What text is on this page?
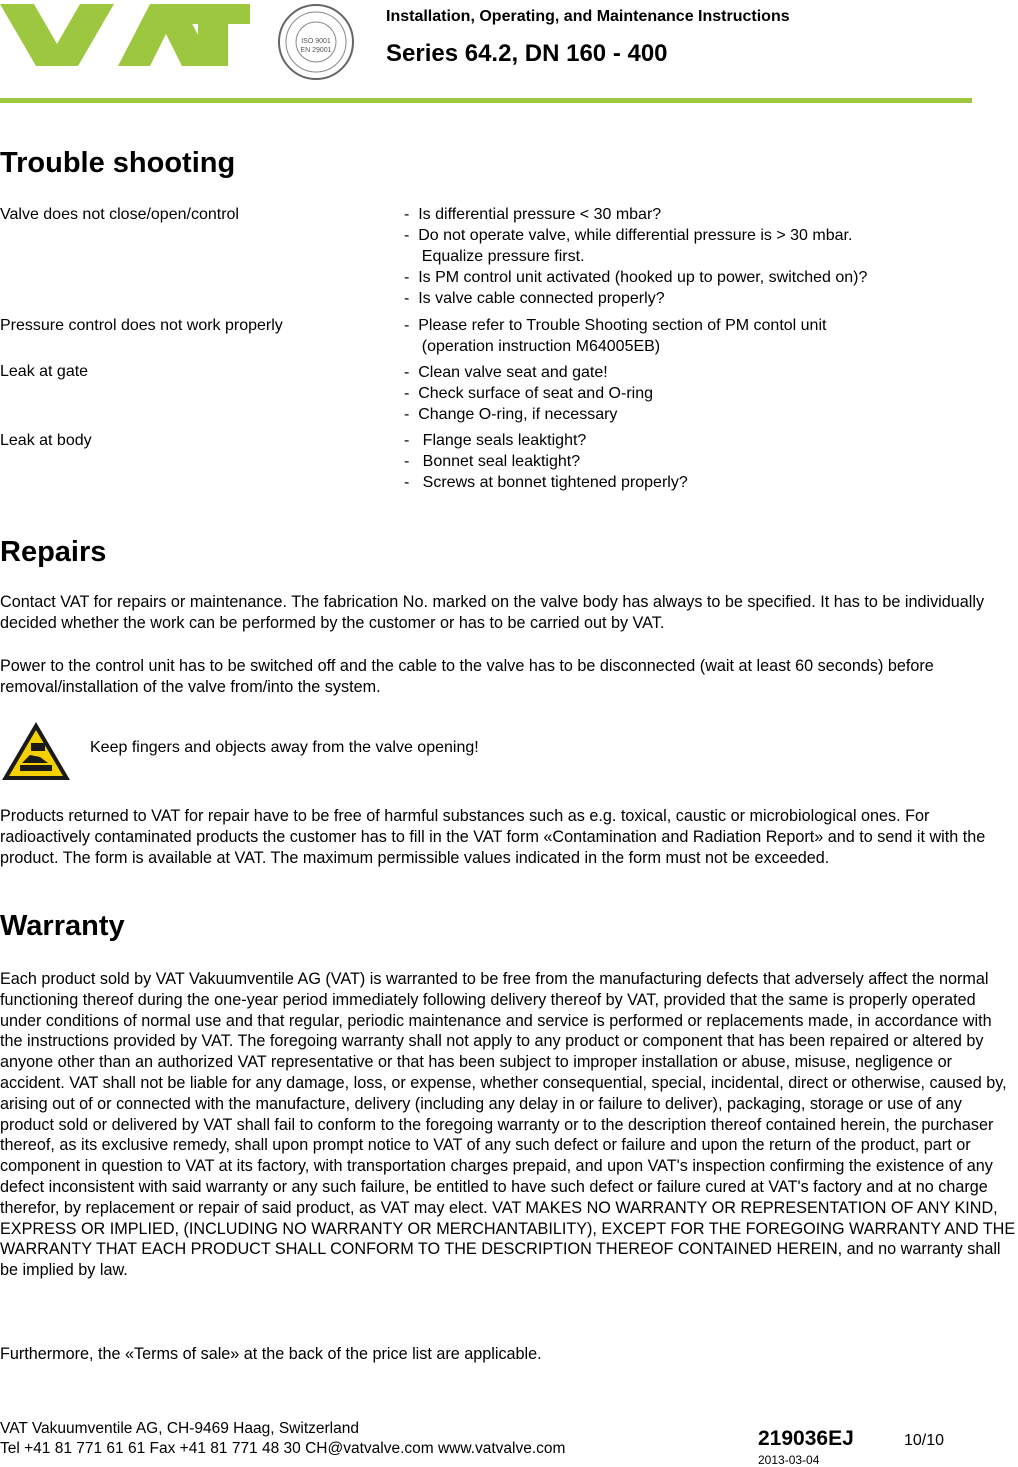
ISO 9001
EN 29001
Installation, Operating, and Maintenance Instructions
Series 64.2, DN 160 - 400
Trouble shooting
Valve does not close/open/control	-  Is differential pressure < 30 mbar?
-  Do not operate valve, while differential pressure is > 30 mbar.
Equalize pressure first.
-  Is PM control unit activated (hooked up to power, switched on)?
-  Is valve cable connected properly?
Pressure control does not work properly	-  Please refer to Trouble Shooting section of PM contol unit
(operation instruction M64005EB)
Leak at gate	-  Clean valve seat and gate!
-  Check surface of seat and O-ring
-  Change O-ring, if necessary
Leak at body	-   Flange seals leaktight?
-   Bonnet seal leaktight?
-   Screws at bonnet tightened properly?
Repairs
Contact VAT for repairs or maintenance. The fabrication No. marked on the valve body has always to be specified. It has to be individually decided whether the work can be performed by the customer or has to be carried out by VAT.
Power to the control unit has to be switched off and the cable to the valve has to be disconnected (wait at least 60 seconds) before removal/installation of the valve from/into the system.
Keep fingers and objects away from the valve opening!
Products returned to VAT for repair have to be free of harmful substances such as e.g. toxical, caustic or microbiological ones. For radioactively contaminated products the customer has to fill in the VAT form «Contamination and Radiation Report» and to send it with the product. The form is available at VAT. The maximum permissible values indicated in the form must not be exceeded.
Warranty
Each product sold by VAT Vakuumventile AG (VAT) is warranted to be free from the manufacturing defects that adversely affect the normal functioning thereof during the one-year period immediately following delivery thereof by VAT, provided that the same is properly operated under conditions of normal use and that regular, periodic maintenance and service is performed or replacements made, in accordance with the instructions provided by VAT. The foregoing warranty shall not apply to any product or component that has been repaired or altered by anyone other than an authorized VAT representative or that has been subject to improper installation or abuse, misuse, negligence or accident. VAT shall not be liable for any damage, loss, or expense, whether consequential, special, incidental, direct or otherwise, caused by, arising out of or connected with the manufacture, delivery (including any delay in or failure to deliver), packaging, storage or use of any product sold or delivered by VAT shall fail to conform to the foregoing warranty or to the description thereof contained herein, the purchaser thereof, as its exclusive remedy, shall upon prompt notice to VAT of any such defect or failure and upon the return of the product, part or component in question to VAT at its factory, with transportation charges prepaid, and upon VAT's inspection confirming the existence of any defect inconsistent with said warranty or any such failure, be entitled to have such defect or failure cured at VAT's factory and at no charge therefor, by replacement or repair of said product, as VAT may elect. VAT MAKES NO WARRANTY OR REPRESENTATION OF ANY KIND, EXPRESS OR IMPLIED, (INCLUDING NO WARRANTY OR MERCHANTABILITY), EXCEPT FOR THE FOREGOING WARRANTY AND THE WARRANTY THAT EACH PRODUCT SHALL CONFORM TO THE DESCRIPTION THEREOF CONTAINED HEREIN, and no warranty shall be implied by law.
Furthermore, the «Terms of sale» at the back of the price list are applicable.
VAT Vakuumventile AG, CH-9469 Haag, Switzerland
Tel +41 81 771 61 61 Fax +41 81 771 48 30 CH@vatvalve.com www.vatvalve.com	219036EJ
2013-03-04
10/10
